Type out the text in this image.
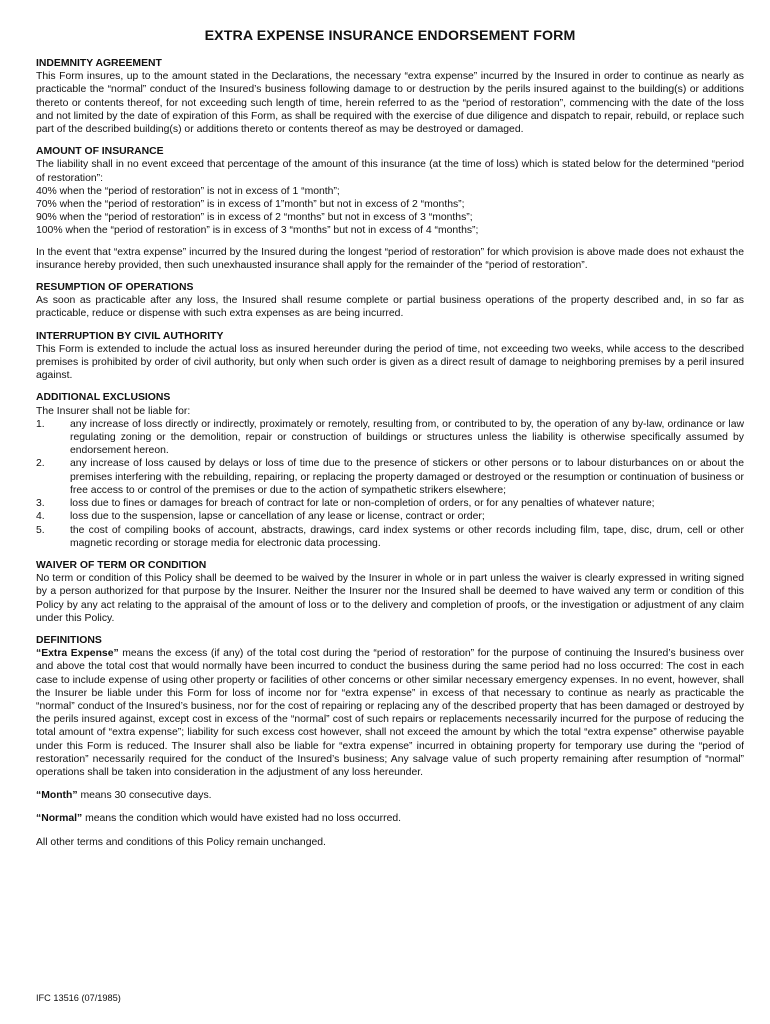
EXTRA EXPENSE INSURANCE ENDORSEMENT FORM
INDEMNITY AGREEMENT

This Form insures, up to the amount stated in the Declarations, the necessary “extra expense” incurred by the Insured in order to continue as nearly as practicable the “normal” conduct of the Insured’s business following damage to or destruction by the perils insured against to the building(s) or additions thereto or contents thereof, for not exceeding such length of time, herein referred to as the “period of restoration”, commencing with the date of the loss and not limited by the date of expiration of this Form, as shall be required with the exercise of due diligence and dispatch to repair, rebuild, or replace such part of the described building(s) or additions thereto or contents thereof as may be destroyed or damaged.

AMOUNT OF INSURANCE

The liability shall in no event exceed that percentage of the amount of this insurance (at the time of loss) which is stated below for the determined “period of restoration”:

40% when the “period of restoration” is not in excess of 1 “month”;
70% when the “period of restoration” is in excess of 1”month” but not in excess of 2 “months”;
90% when the “period of restoration” is in excess of 2 “months” but not in excess of 3 “months”;
100% when the “period of restoration” is in excess of 3 “months” but not in excess of 4 “months”;

In the event that “extra expense” incurred by the Insured during the longest “period of restoration” for which provision is above made does not exhaust the insurance hereby provided, then such unexhausted insurance shall apply for the remainder of the “period of restoration”.

RESUMPTION OF OPERATIONS

As soon as practicable after any loss, the Insured shall resume complete or partial business operations of the property described and, in so far as practicable, reduce or dispense with such extra expenses as are being incurred.

INTERRUPTION BY CIVIL AUTHORITY

This Form is extended to include the actual loss as insured hereunder during the period of time, not exceeding two weeks, while access to the described premises is prohibited by order of civil authority, but only when such order is given as a direct result of damage to neighboring premises by a peril insured against.

ADDITIONAL EXCLUSIONS
The Insurer shall not be liable for:
1.	any increase of loss directly or indirectly, proximately or remotely, resulting from, or contributed to by, the operation of any by-law, ordinance or law regulating zoning or the demolition, repair or construction of buildings or structures unless the liability is otherwise specifically assumed by endorsement hereon.
2.	any increase of loss caused by delays or loss of time due to the presence of stickers or other persons or to labour disturbances on or about the premises interfering with the rebuilding, repairing, or replacing the property damaged or destroyed or the resumption or continuation of business or free access to or control of the premises or due to the action of sympathetic strikers elsewhere;
3.	loss due to fines or damages for breach of contract for late or non-completion of orders, or for any penalties of whatever nature;
4.	loss due to the suspension, lapse or cancellation of any lease or license, contract or order;
5.	the cost of compiling books of account, abstracts, drawings, card index systems or other records including film, tape, disc, drum, cell or other magnetic recording or storage media for electronic data processing.
WAIVER OF TERM OR CONDITION

No term or condition of this Policy shall be deemed to be waived by the Insurer in whole or in part unless the waiver is clearly expressed in writing signed by a person authorized for that purpose by the Insurer. Neither the Insurer nor the Insured shall be deemed to have waived any term or condition of this Policy by any act relating to the appraisal of the amount of loss or to the delivery and completion of proofs, or the investigation or adjustment of any claim under this Policy.

DEFINITIONS

“Extra Expense” means the excess (if any) of the total cost during the “period of restoration” for the purpose of continuing the Insured’s business over and above the total cost that would normally have been incurred to conduct the business during the same period had no loss occurred: The cost in each case to include expense of using other property or facilities of other concerns or other similar necessary emergency expenses. In no event, however, shall the Insurer be liable under this Form for loss of income nor for “extra expense” in excess of that necessary to continue as nearly as practicable the “normal” conduct of the Insured’s business, nor for the cost of repairing or replacing any of the described property that has been damaged or destroyed by the perils insured against, except cost in excess of the “normal” cost of such repairs or replacements necessarily incurred for the purpose of reducing the total amount of “extra expense”; liability for such excess cost however, shall not exceed the amount by which the total “extra expense” otherwise payable under this Form is reduced. The Insurer shall also be liable for “extra expense” incurred in obtaining property for temporary use during the “period of restoration” necessarily required for the conduct of the Insured’s business; Any salvage value of such property remaining after resumption of “normal” operations shall be taken into consideration in the adjustment of any loss hereunder.

“Month” means 30 consecutive days.

“Normal” means the condition which would have existed had no loss occurred.

All other terms and conditions of this Policy remain unchanged.

IFC 13516 (07/1985)
